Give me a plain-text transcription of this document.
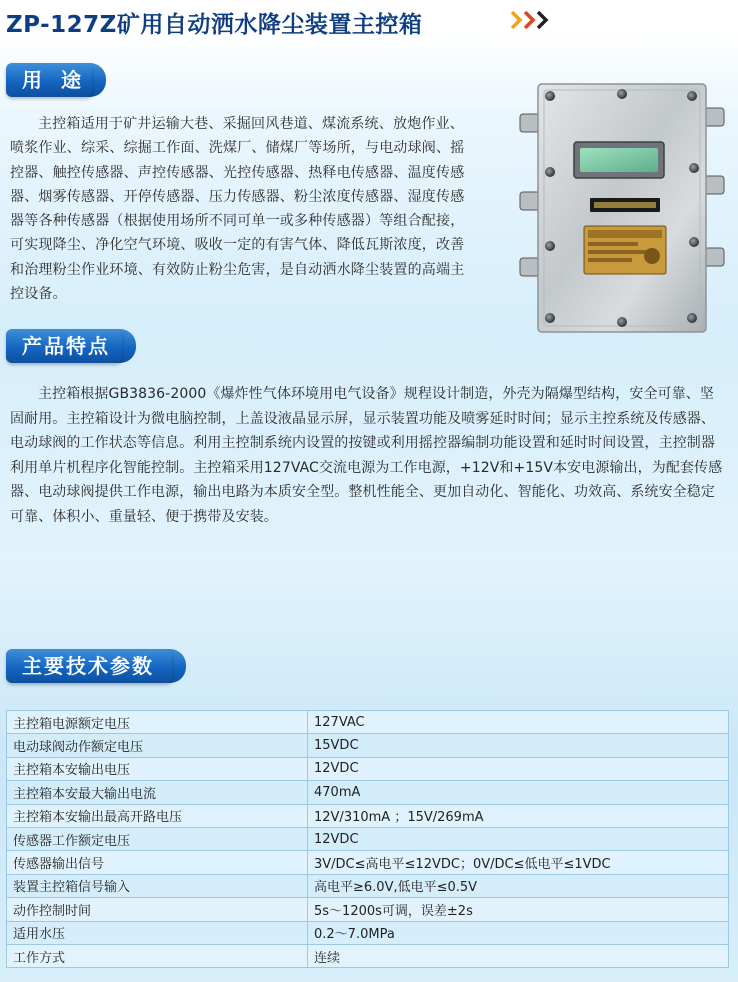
ZP-127Z矿用自动洒水降尘装置主控箱
用 途

主控箱适用于矿井运输大巷、采掘回风巷道、煤流系统、放炮作业、喷浆作业、综采、综掘工作面、洗煤厂、储煤厂等场所，与电动球阀、摇控器、触控传感器、声控传感器、光控传感器、热释电传感器、温度传感器、烟雾传感器、开停传感器、压力传感器、粉尘浓度传感器、湿度传感器等各种传感器（根据使用场所不同可单一或多种传感器）等组合配接，可实现降尘、净化空气环境、吸收一定的有害气体、降低瓦斯浓度，改善和治理粉尘作业环境、有效防止粉尘危害，是自动洒水降尘装置的高端主控设备。

产品特点

主控箱根据GB3836-2000《爆炸性气体环境用电气设备》规程设计制造，外壳为隔爆型结构，安全可靠、坚固耐用。主控箱设计为微电脑控制，上盖设液晶显示屏，显示装置功能及喷雾延时时间；显示主控系统及传感器、电动球阀的工作状态等信息。利用主控制系统内设置的按键或利用摇控器编制功能设置和延时时间设置，主控制器利用单片机程序化智能控制。主控箱采用127VAC交流电源为工作电源，+12V和+15V本安电源输出，为配套传感器、电动球阀提供工作电源，输出电路为本质安全型。整机性能全、更加自动化、智能化、功效高、系统安全稳定可靠、体积小、重量轻、便于携带及安装。

主要技术参数
主控箱电源额定电压	127VAC
电动球阀动作额定电压	15VDC
主控箱本安输出电压	12VDC
主控箱本安最大输出电流	470mA
主控箱本安输出最高开路电压	12V/310mA ；15V/269mA
传感器工作额定电压	12VDC
传感器输出信号	3V/DC≤高电平≤12VDC；0V/DC≤低电平≤1VDC
装置主控箱信号输入	高电平≥6.0V,低电平≤0.5V
动作控制时间	5s～1200s可调，误差±2s
适用水压	0.2～7.0MPa
工作方式	连续
